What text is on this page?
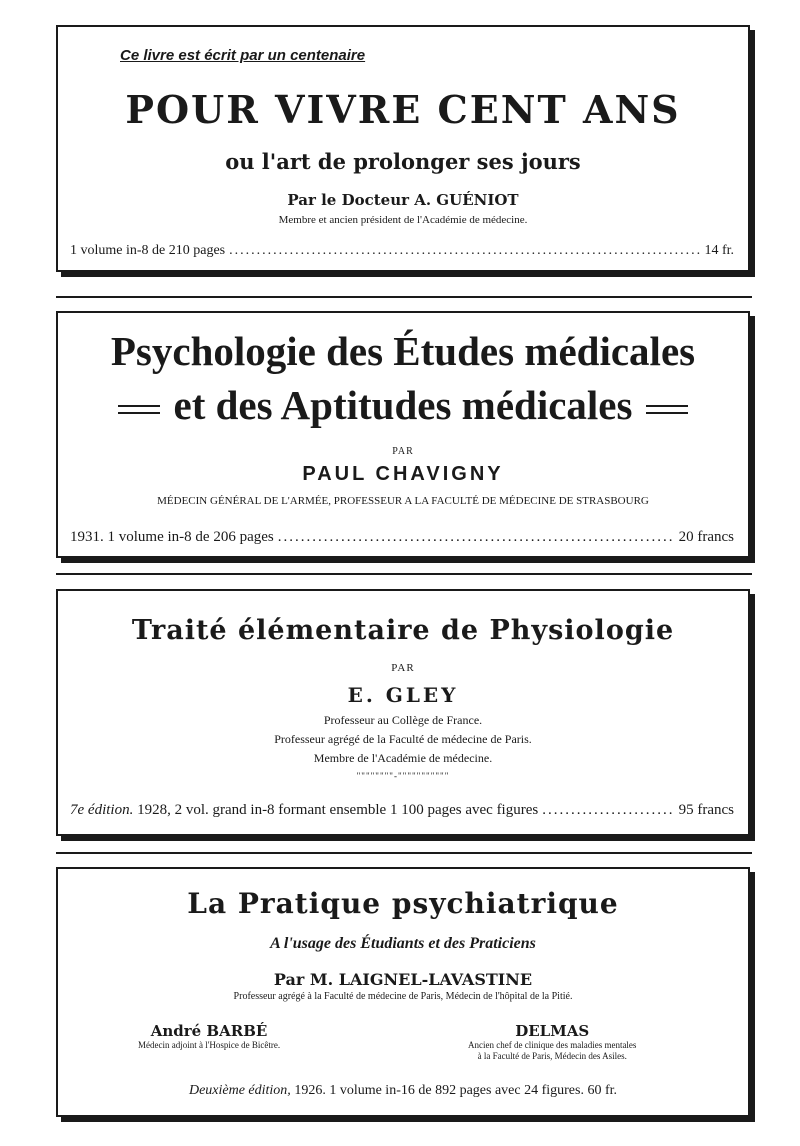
Ce livre est écrit par un centenaire
POUR VIVRE CENT ANS
ou l'art de prolonger ses jours
Par le Docteur A. GUÉNIOT
Membre et ancien président de l'Académie de médecine.
1 volume in-8 de 210 pages .....	14 fr.
Psychologie des Études médicales
et des Aptitudes médicales
PAR
PAUL CHAVIGNY
MÉDECIN GÉNÉRAL DE L'ARMÉE, PROFESSEUR A LA FACULTÉ DE MÉDECINE DE STRASBOURG
1931. 1 volume in-8 de 206 pages .....	20 francs
Traité élémentaire de Physiologie
PAR
E. GLEY
Professeur au Collège de France.
Professeur agrégé de la Faculté de médecine de Paris.
Membre de l'Académie de médecine.
""""""""-"""""""""""
7e édition.
1928, 2 vol. grand in-8 formant ensemble 1 100 pages avec figures .....	95 francs
La Pratique psychiatrique
A l'usage des Étudiants et des Praticiens
Par M. LAIGNEL-LAVASTINE
Professeur agrégé à la Faculté de médecine de Paris, Médecin de l'hôpital de la Pitié.
André BARBÉ
Médecin adjoint à l'Hospice de Bicêtre.
DELMAS
Ancien chef de clinique des maladies mentales
à la Faculté de Paris, Médecin des Asiles.
Deuxième édition, 1926. 1 volume in-16 de 892 pages avec 24 figures. 60 fr.
